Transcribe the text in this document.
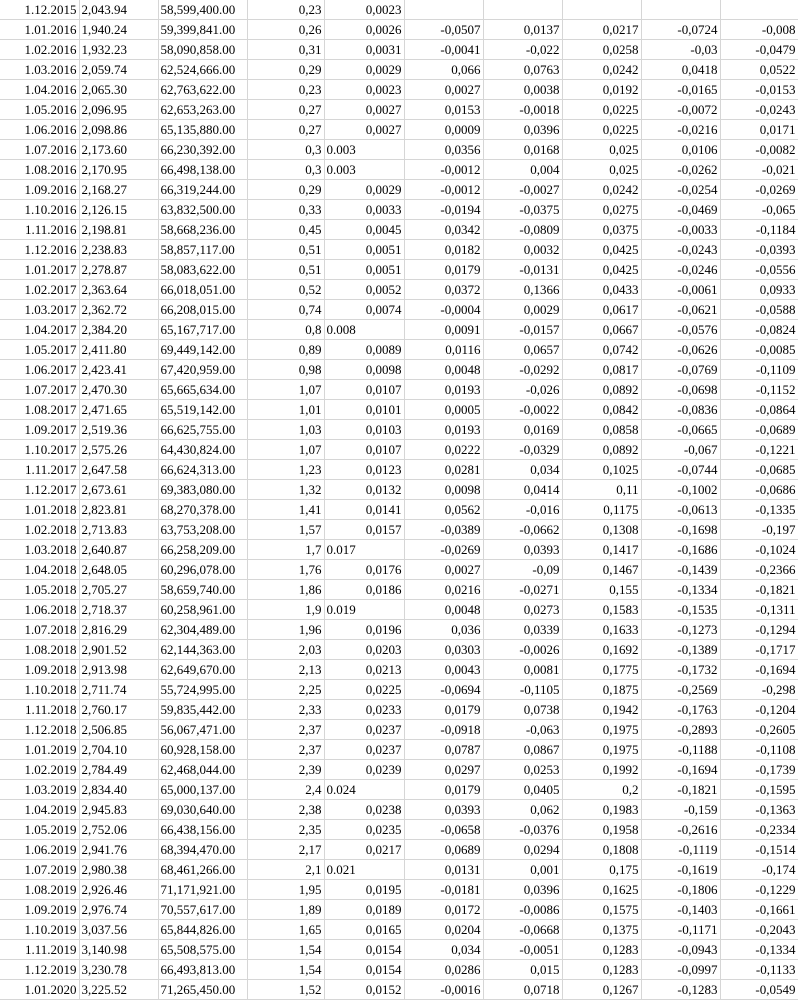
1.12.2015	2,043.94	58,599,400.00	0,23	0,0023					
1.01.2016	1,940.24	59,399,841.00	0,26	0,0026	-0,0507	0,0137	0,0217	-0,0724	-0,008
1.02.2016	1,932.23	58,090,858.00	0,31	0,0031	-0,0041	-0,022	0,0258	-0,03	-0,0479
1.03.2016	2,059.74	62,524,666.00	0,29	0,0029	0,066	0,0763	0,0242	0,0418	0,0522
1.04.2016	2,065.30	62,763,622.00	0,23	0,0023	0,0027	0,0038	0,0192	-0,0165	-0,0153
1.05.2016	2,096.95	62,653,263.00	0,27	0,0027	0,0153	-0,0018	0,0225	-0,0072	-0,0243
1.06.2016	2,098.86	65,135,880.00	0,27	0,0027	0,0009	0,0396	0,0225	-0,0216	0,0171
1.07.2016	2,173.60	66,230,392.00	0,3	0.003	0,0356	0,0168	0,025	0,0106	-0,0082
1.08.2016	2,170.95	66,498,138.00	0,3	0.003	-0,0012	0,004	0,025	-0,0262	-0,021
1.09.2016	2,168.27	66,319,244.00	0,29	0,0029	-0,0012	-0,0027	0,0242	-0,0254	-0,0269
1.10.2016	2,126.15	63,832,500.00	0,33	0,0033	-0,0194	-0,0375	0,0275	-0,0469	-0,065
1.11.2016	2,198.81	58,668,236.00	0,45	0,0045	0,0342	-0,0809	0,0375	-0,0033	-0,1184
1.12.2016	2,238.83	58,857,117.00	0,51	0,0051	0,0182	0,0032	0,0425	-0,0243	-0,0393
1.01.2017	2,278.87	58,083,622.00	0,51	0,0051	0,0179	-0,0131	0,0425	-0,0246	-0,0556
1.02.2017	2,363.64	66,018,051.00	0,52	0,0052	0,0372	0,1366	0,0433	-0,0061	0,0933
1.03.2017	2,362.72	66,208,015.00	0,74	0,0074	-0,0004	0,0029	0,0617	-0,0621	-0,0588
1.04.2017	2,384.20	65,167,717.00	0,8	0.008	0,0091	-0,0157	0,0667	-0,0576	-0,0824
1.05.2017	2,411.80	69,449,142.00	0,89	0,0089	0,0116	0,0657	0,0742	-0,0626	-0,0085
1.06.2017	2,423.41	67,420,959.00	0,98	0,0098	0,0048	-0,0292	0,0817	-0,0769	-0,1109
1.07.2017	2,470.30	65,665,634.00	1,07	0,0107	0,0193	-0,026	0,0892	-0,0698	-0,1152
1.08.2017	2,471.65	65,519,142.00	1,01	0,0101	0,0005	-0,0022	0,0842	-0,0836	-0,0864
1.09.2017	2,519.36	66,625,755.00	1,03	0,0103	0,0193	0,0169	0,0858	-0,0665	-0,0689
1.10.2017	2,575.26	64,430,824.00	1,07	0,0107	0,0222	-0,0329	0,0892	-0,067	-0,1221
1.11.2017	2,647.58	66,624,313.00	1,23	0,0123	0,0281	0,034	0,1025	-0,0744	-0,0685
1.12.2017	2,673.61	69,383,080.00	1,32	0,0132	0,0098	0,0414	0,11	-0,1002	-0,0686
1.01.2018	2,823.81	68,270,378.00	1,41	0,0141	0,0562	-0,016	0,1175	-0,0613	-0,1335
1.02.2018	2,713.83	63,753,208.00	1,57	0,0157	-0,0389	-0,0662	0,1308	-0,1698	-0,197
1.03.2018	2,640.87	66,258,209.00	1,7	0.017	-0,0269	0,0393	0,1417	-0,1686	-0,1024
1.04.2018	2,648.05	60,296,078.00	1,76	0,0176	0,0027	-0,09	0,1467	-0,1439	-0,2366
1.05.2018	2,705.27	58,659,740.00	1,86	0,0186	0,0216	-0,0271	0,155	-0,1334	-0,1821
1.06.2018	2,718.37	60,258,961.00	1,9	0.019	0,0048	0,0273	0,1583	-0,1535	-0,1311
1.07.2018	2,816.29	62,304,489.00	1,96	0,0196	0,036	0,0339	0,1633	-0,1273	-0,1294
1.08.2018	2,901.52	62,144,363.00	2,03	0,0203	0,0303	-0,0026	0,1692	-0,1389	-0,1717
1.09.2018	2,913.98	62,649,670.00	2,13	0,0213	0,0043	0,0081	0,1775	-0,1732	-0,1694
1.10.2018	2,711.74	55,724,995.00	2,25	0,0225	-0,0694	-0,1105	0,1875	-0,2569	-0,298
1.11.2018	2,760.17	59,835,442.00	2,33	0,0233	0,0179	0,0738	0,1942	-0,1763	-0,1204
1.12.2018	2,506.85	56,067,471.00	2,37	0,0237	-0,0918	-0,063	0,1975	-0,2893	-0,2605
1.01.2019	2,704.10	60,928,158.00	2,37	0,0237	0,0787	0,0867	0,1975	-0,1188	-0,1108
1.02.2019	2,784.49	62,468,044.00	2,39	0,0239	0,0297	0,0253	0,1992	-0,1694	-0,1739
1.03.2019	2,834.40	65,000,137.00	2,4	0.024	0,0179	0,0405	0,2	-0,1821	-0,1595
1.04.2019	2,945.83	69,030,640.00	2,38	0,0238	0,0393	0,062	0,1983	-0,159	-0,1363
1.05.2019	2,752.06	66,438,156.00	2,35	0,0235	-0,0658	-0,0376	0,1958	-0,2616	-0,2334
1.06.2019	2,941.76	68,394,470.00	2,17	0,0217	0,0689	0,0294	0,1808	-0,1119	-0,1514
1.07.2019	2,980.38	68,461,266.00	2,1	0.021	0,0131	0,001	0,175	-0,1619	-0,174
1.08.2019	2,926.46	71,171,921.00	1,95	0,0195	-0,0181	0,0396	0,1625	-0,1806	-0,1229
1.09.2019	2,976.74	70,557,617.00	1,89	0,0189	0,0172	-0,0086	0,1575	-0,1403	-0,1661
1.10.2019	3,037.56	65,844,826.00	1,65	0,0165	0,0204	-0,0668	0,1375	-0,1171	-0,2043
1.11.2019	3,140.98	65,508,575.00	1,54	0,0154	0,034	-0,0051	0,1283	-0,0943	-0,1334
1.12.2019	3,230.78	66,493,813.00	1,54	0,0154	0,0286	0,015	0,1283	-0,0997	-0,1133
1.01.2020	3,225.52	71,265,450.00	1,52	0,0152	-0,0016	0,0718	0,1267	-0,1283	-0,0549
